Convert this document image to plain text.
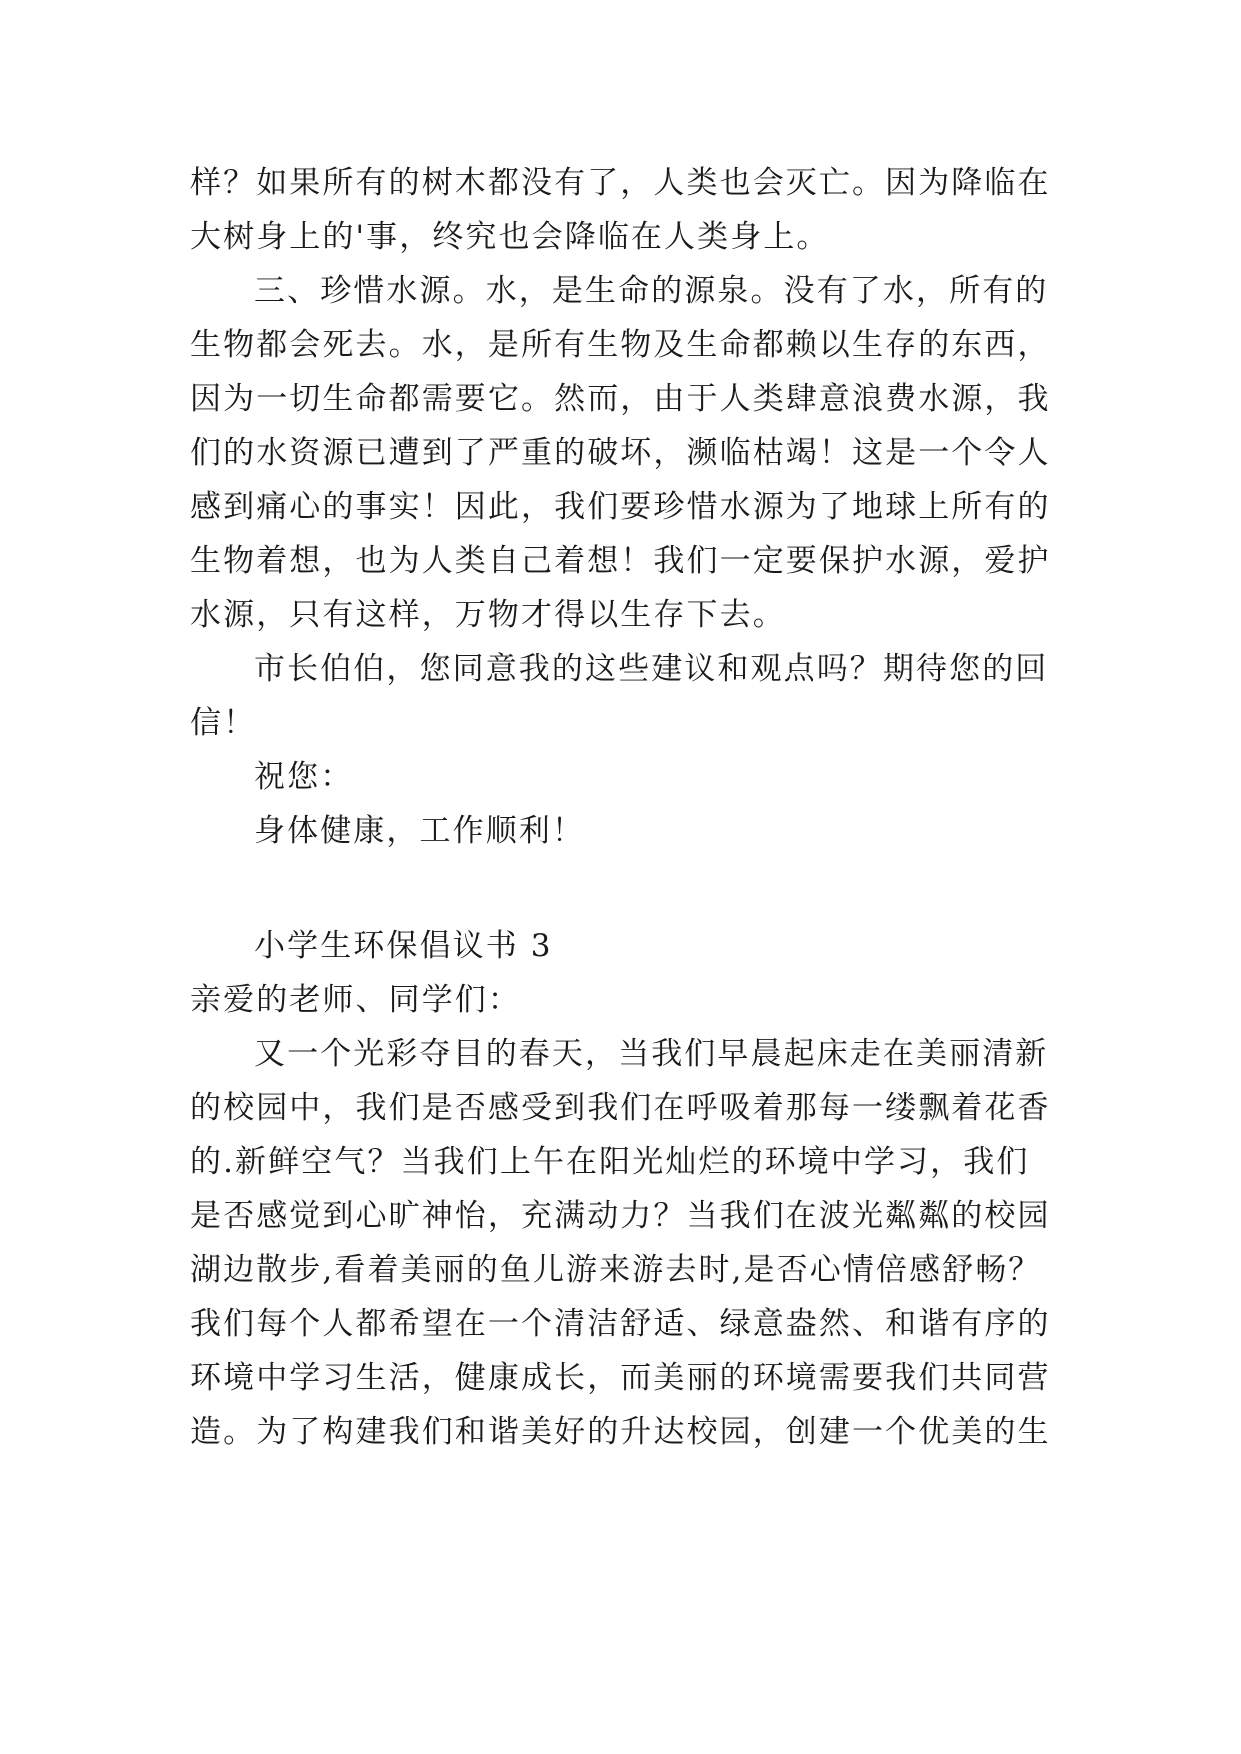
样？如果所有的树木都没有了，人类也会灭亡。因为降临在
大树身上的'事，终究也会降临在人类身上。
三、珍惜水源。水，是生命的源泉。没有了水，所有的
生物都会死去。水，是所有生物及生命都赖以生存的东西，
因为一切生命都需要它。然而，由于人类肆意浪费水源，我
们的水资源已遭到了严重的破坏，濒临枯竭！这是一个令人
感到痛心的事实！因此，我们要珍惜水源为了地球上所有的
生物着想，也为人类自己着想！我们一定要保护水源，爱护
水源，只有这样，万物才得以生存下去。
市长伯伯，您同意我的这些建议和观点吗？期待您的回
信！
祝您：
身体健康，工作顺利！
小学生环保倡议书 3
亲爱的老师、同学们：
又一个光彩夺目的春天，当我们早晨起床走在美丽清新
的校园中，我们是否感受到我们在呼吸着那每一缕飘着花香
的.新鲜空气？当我们上午在阳光灿烂的环境中学习，我们
是否感觉到心旷神怡，充满动力？当我们在波光粼粼的校园
湖边散步,看着美丽的鱼儿游来游去时,是否心情倍感舒畅？
我们每个人都希望在一个清洁舒适、绿意盎然、和谐有序的
环境中学习生活，健康成长，而美丽的环境需要我们共同营
造。为了构建我们和谐美好的升达校园，创建一个优美的生
